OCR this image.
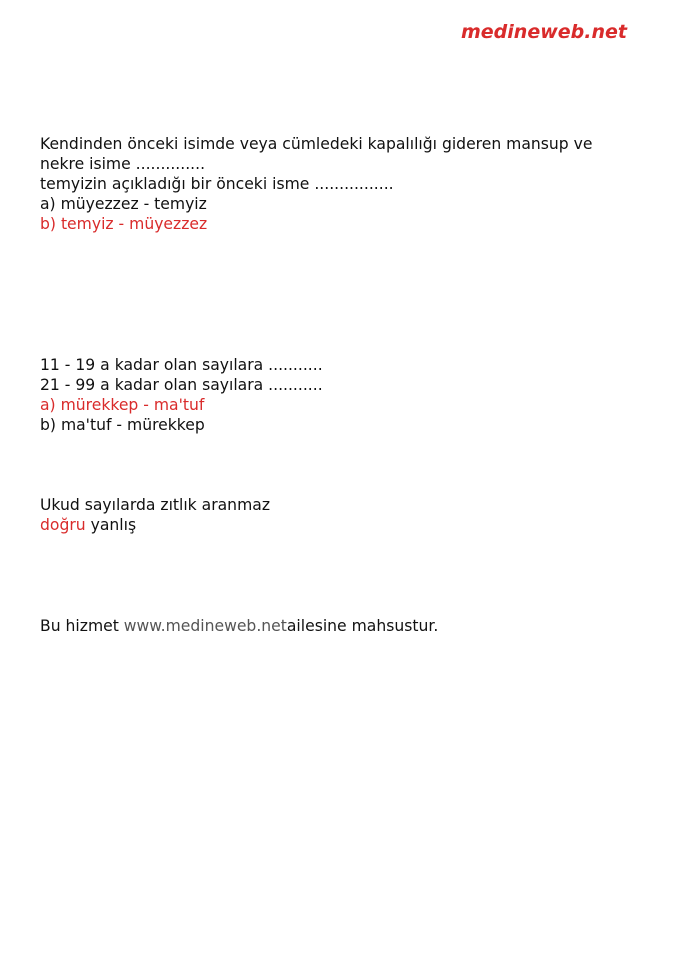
medineweb.net
Kendinden önceki isimde veya cümledeki kapalılığı gideren mansup ve
nekre isime ..............
temyizin açıkladığı bir önceki isme ................
a) müyezzez - temyiz
b) temyiz - müyezzez
11 - 19 a kadar olan sayılara ...........
21 - 99 a kadar olan sayılara ...........
a) mürekkep - ma'tuf
b) ma'tuf - mürekkep
Ukud sayılarda zıtlık aranmaz
doğru yanlış
Bu hizmet www.medineweb.netailesine mahsustur.
